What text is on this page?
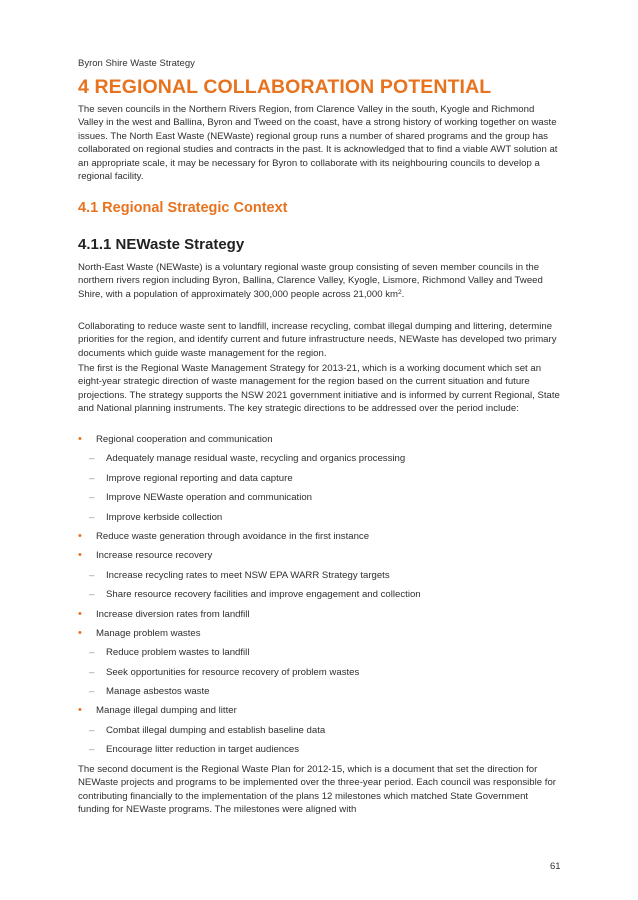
Byron Shire Waste Strategy
4 REGIONAL COLLABORATION POTENTIAL

The seven councils in the Northern Rivers Region, from Clarence Valley in the south, Kyogle and Richmond Valley in the west and Ballina, Byron and Tweed on the coast, have a strong history of working together on waste issues. The North East Waste (NEWaste) regional group runs a number of shared programs and the group has collaborated on regional studies and contracts in the past. It is acknowledged that to find a viable AWT solution at an appropriate scale, it may be necessary for Byron to collaborate with its neighbouring councils to develop a regional facility.

4.1 Regional Strategic Context
4.1.1 NEWaste Strategy

North-East Waste (NEWaste) is a voluntary regional waste group consisting of seven member councils in the northern rivers region including Byron, Ballina, Clarence Valley, Kyogle, Lismore, Richmond Valley and Tweed Shire, with a population of approximately 300,000 people across 21,000 $km^2$.

Collaborating to reduce waste sent to landfill, increase recycling, combat illegal dumping and littering, determine priorities for the region, and identify current and future infrastructure needs, NEWaste has developed two primary documents which guide waste management for the region.

The first is the Regional Waste Management Strategy for 2013-21, which is a working document which set an eight-year strategic direction of waste management for the region based on the current situation and future projections. The strategy supports the NSW 2021 government initiative and is informed by current Regional, State and National planning instruments. The key strategic directions to be addressed over the period include:

• Regional cooperation and communication
– Adequately manage residual waste, recycling and organics processing
– Improve regional reporting and data capture
– Improve NEWaste operation and communication
– Improve kerbside collection
• Reduce waste generation through avoidance in the first instance
• Increase resource recovery
– Increase recycling rates to meet NSW EPA WARR Strategy targets
– Share resource recovery facilities and improve engagement and collection
• Increase diversion rates from landfill
• Manage problem wastes
– Reduce problem wastes to landfill
– Seek opportunities for resource recovery of problem wastes
– Manage asbestos waste
• Manage illegal dumping and litter
– Combat illegal dumping and establish baseline data
– Encourage litter reduction in target audiences

The second document is the Regional Waste Plan for 2012-15, which is a document that set the direction for NEWaste projects and programs to be implemented over the three-year period. Each council was responsible for contributing financially to the implementation of the plans 12 milestones which matched State Government funding for NEWaste programs. The milestones were aligned with

61
